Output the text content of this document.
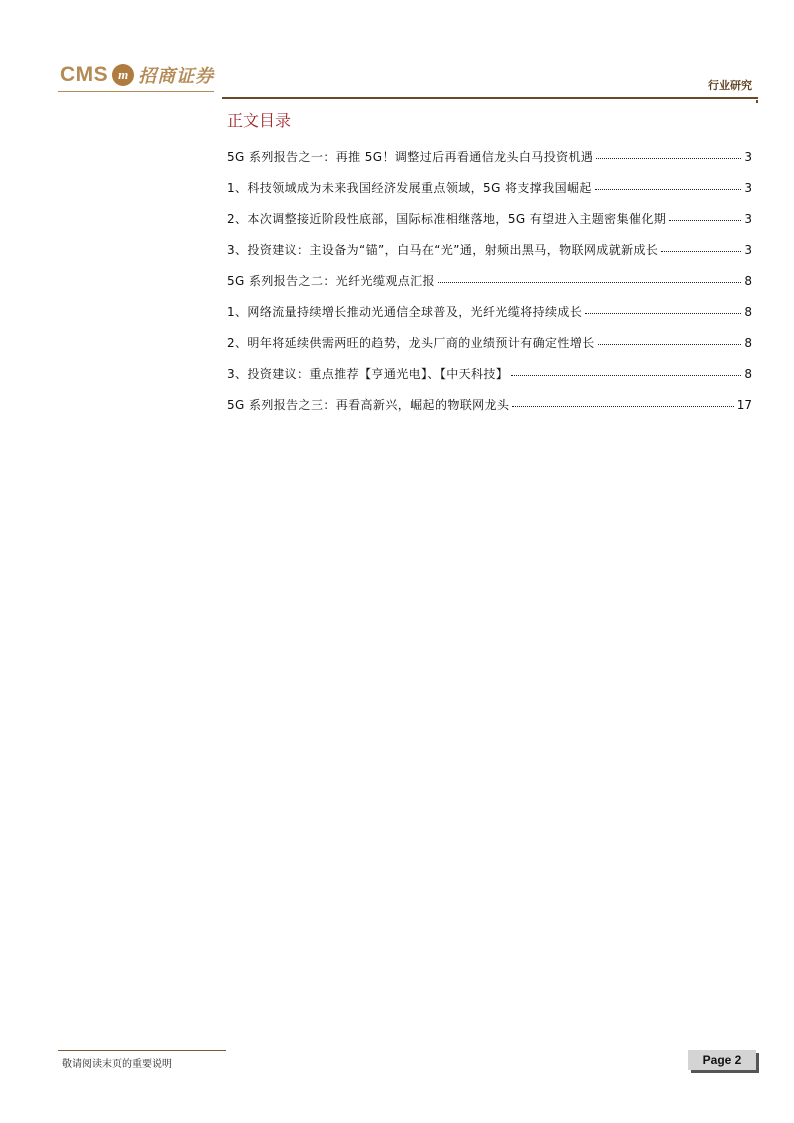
CMS m 招商证券	行业研究
正文目录
5G 系列报告之一：再推 5G！调整过后再看通信龙头白马投资机遇	3
1、科技领域成为未来我国经济发展重点领域，5G 将支撑我国崛起	3
2、本次调整接近阶段性底部，国际标准相继落地，5G 有望进入主题密集催化期	3
3、投资建议：主设备为“锚”，白马在“光”通，射频出黑马，物联网成就新成长	3
5G 系列报告之二：光纤光缆观点汇报	8
1、网络流量持续增长推动光通信全球普及，光纤光缆将持续成长	8
2、明年将延续供需两旺的趋势，龙头厂商的业绩预计有确定性增长	8
3、投资建议：重点推荐【亨通光电】、【中天科技】	8
5G 系列报告之三：再看高新兴，崛起的物联网龙头	17
敬请阅读末页的重要说明	Page 2
